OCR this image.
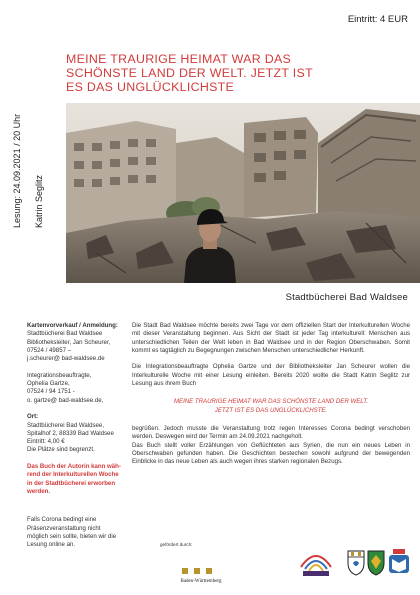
Eintritt: 4 EUR
Lesung: 24.09.2021 / 20 Uhr Katrin Seglitz
MEINE TRAURIGE HEIMAT WAR DAS
SCHÖNSTE LAND DER WELT. JETZT IST
ES DAS UNGLÜCKLICHSTE
Stadtbücherei Bad Waldsee

Kartenvorverkauf / Anmeldung:
Stadtbücherei Bad Waldsee
Bibliotheksleiter, Jan Scheurer,
07524 / 49857 –
j.scheurer@ bad-waldsee.de

Integrationsbeauftragte,
Ophelia Gartze,
07524 / 94 1751 -
o. gartze@ bad-waldsee.de,

Ort:
Stadtbücherei Bad Waldsee,
Spitalhof 2, 88339 Bad Waldsee
Eintritt: 4,00 €
Die Plätze sind begrenzt.

Das Buch der Autorin kann wäh-
rend der Interkulturellen Woche
in der Stadtbücherei erworben
werden.

Falls Corona bedingt eine
Präsenzveranstaltung nicht
möglich sein sollte, bieten wir die
Lesung online an.

Die Stadt Bad Waldsee möchte bereits zwei Tage vor dem offiziellen Start der Interkulturellen Woche mit dieser Veranstaltung beginnen. Aus Sicht der Stadt ist jeder Tag interkulturell: Menschen aus unterschiedlichen Teilen der Welt leben in Bad Waldsee und in der Region Oberschwaben. Somit kommt es tagtäglich zu Begegnungen zwischen Menschen unterschiedlicher Herkunft.

Die Integrationsbeauftragte Ophelia Gartze und der Bibliotheksleiter Jan Scheurer wollen die Interkulturelle Woche mit einer Lesung einleiten. Bereits 2020 wollte die Stadt Katrin Seglitz zur Lesung aus ihrem Buch

MEINE TRAURIGE HEIMAT WAR DAS SCHÖNSTE LAND DER WELT.
JETZT IST ES DAS UNGLÜCKLICHSTE.

begrüßen. Jedoch musste die Veranstaltung trotz regen Interesses Corona bedingt verschoben werden. Deswegen wird der Termin am 24.09.2021 nachgeholt.

Das Buch stellt voller Erzählungen von Geflüchteten aus Syrien, die nun ein neues Leben in Oberschwaben gefunden haben. Die Geschichten bestechen sowohl aufgrund der bewegenden Einblicke in das neue Leben als auch wegen ihres starken regionalen Bezugs.

gefördert durch:
Baden-Württemberg
